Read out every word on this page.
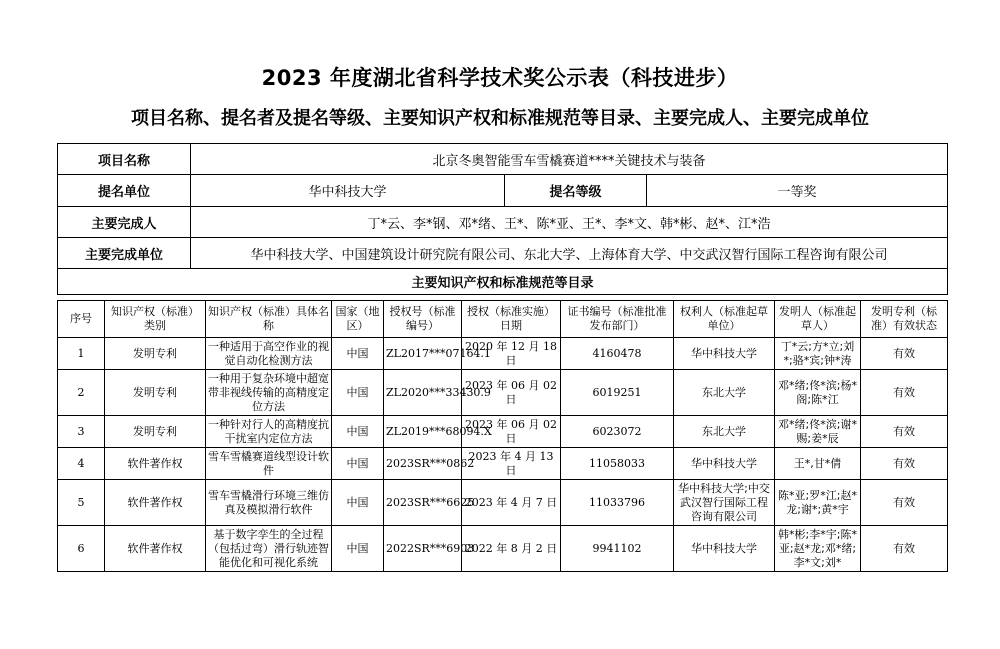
2023 年度湖北省科学技术奖公示表（科技进步）
项目名称、提名者及提名等级、主要知识产权和标准规范等目录、主要完成人、主要完成单位
项目名称	北京冬奥智能雪车雪橇赛道****关键技术与装备		
提名单位	华中科技大学	提名等级	一等奖
主要完成人	丁*云、李*钢、邓*绪、王*、陈*亚、王*、李*文、韩*彬、赵*、江*浩		
主要完成单位	华中科技大学、中国建筑设计研究院有限公司、东北大学、上海体育大学、中交武汉智行国际工程咨询有限公司		
主要知识产权和标准规范等目录			
序号	知识产权（标准）类别	知识产权（标准）具体名称	国家（地区）	授权号（标准编号）	授权（标准实施）日期	证书编号（标准批准发布部门）	权利人（标准起草单位）	发明人（标准起草人）	发明专利（标准）有效状态
1	发明专利	一种适用于高空作业的视觉自动化检测方法	中国	ZL2017***07164.1	2020 年 12 月 18 日	4160478	华中科技大学	丁*云;方*立;刘*;骆*宾;钟*涛	有效
2	发明专利	一种用于复杂环境中超宽带非视线传输的高精度定位方法	中国	ZL2020***33430.9	2023 年 06 月 02 日	6019251	东北大学	邓*绪;佟*滨;杨*阁;陈*江	有效
3	发明专利	一种针对行人的高精度抗干扰室内定位方法	中国	ZL2019***68094.X	2023 年 06 月 02 日	6023072	东北大学	邓*绪;佟*滨;谢*赐;姜*辰	有效
4	软件著作权	雪车雪橇赛道线型设计软件	中国	2023SR***0862	2023 年 4 月 13 日	11058033	华中科技大学	王*,甘*倩	有效
5	软件著作权	雪车雪橇滑行环境三维仿真及模拟滑行软件	中国	2023SR***6625	2023 年 4 月 7 日	11033796	华中科技大学;中交武汉智行国际工程咨询有限公司	陈*亚;罗*江;赵*龙;谢*;黄*宇	有效
6	软件著作权	基于数字孪生的全过程（包括过弯）滑行轨迹智能优化和可视化系统	中国	2022SR***6903	2022 年 8 月 2 日	9941102	华中科技大学	韩*彬;李*宇;陈*亚;赵*龙;邓*绪;李*文;刘*	有效
